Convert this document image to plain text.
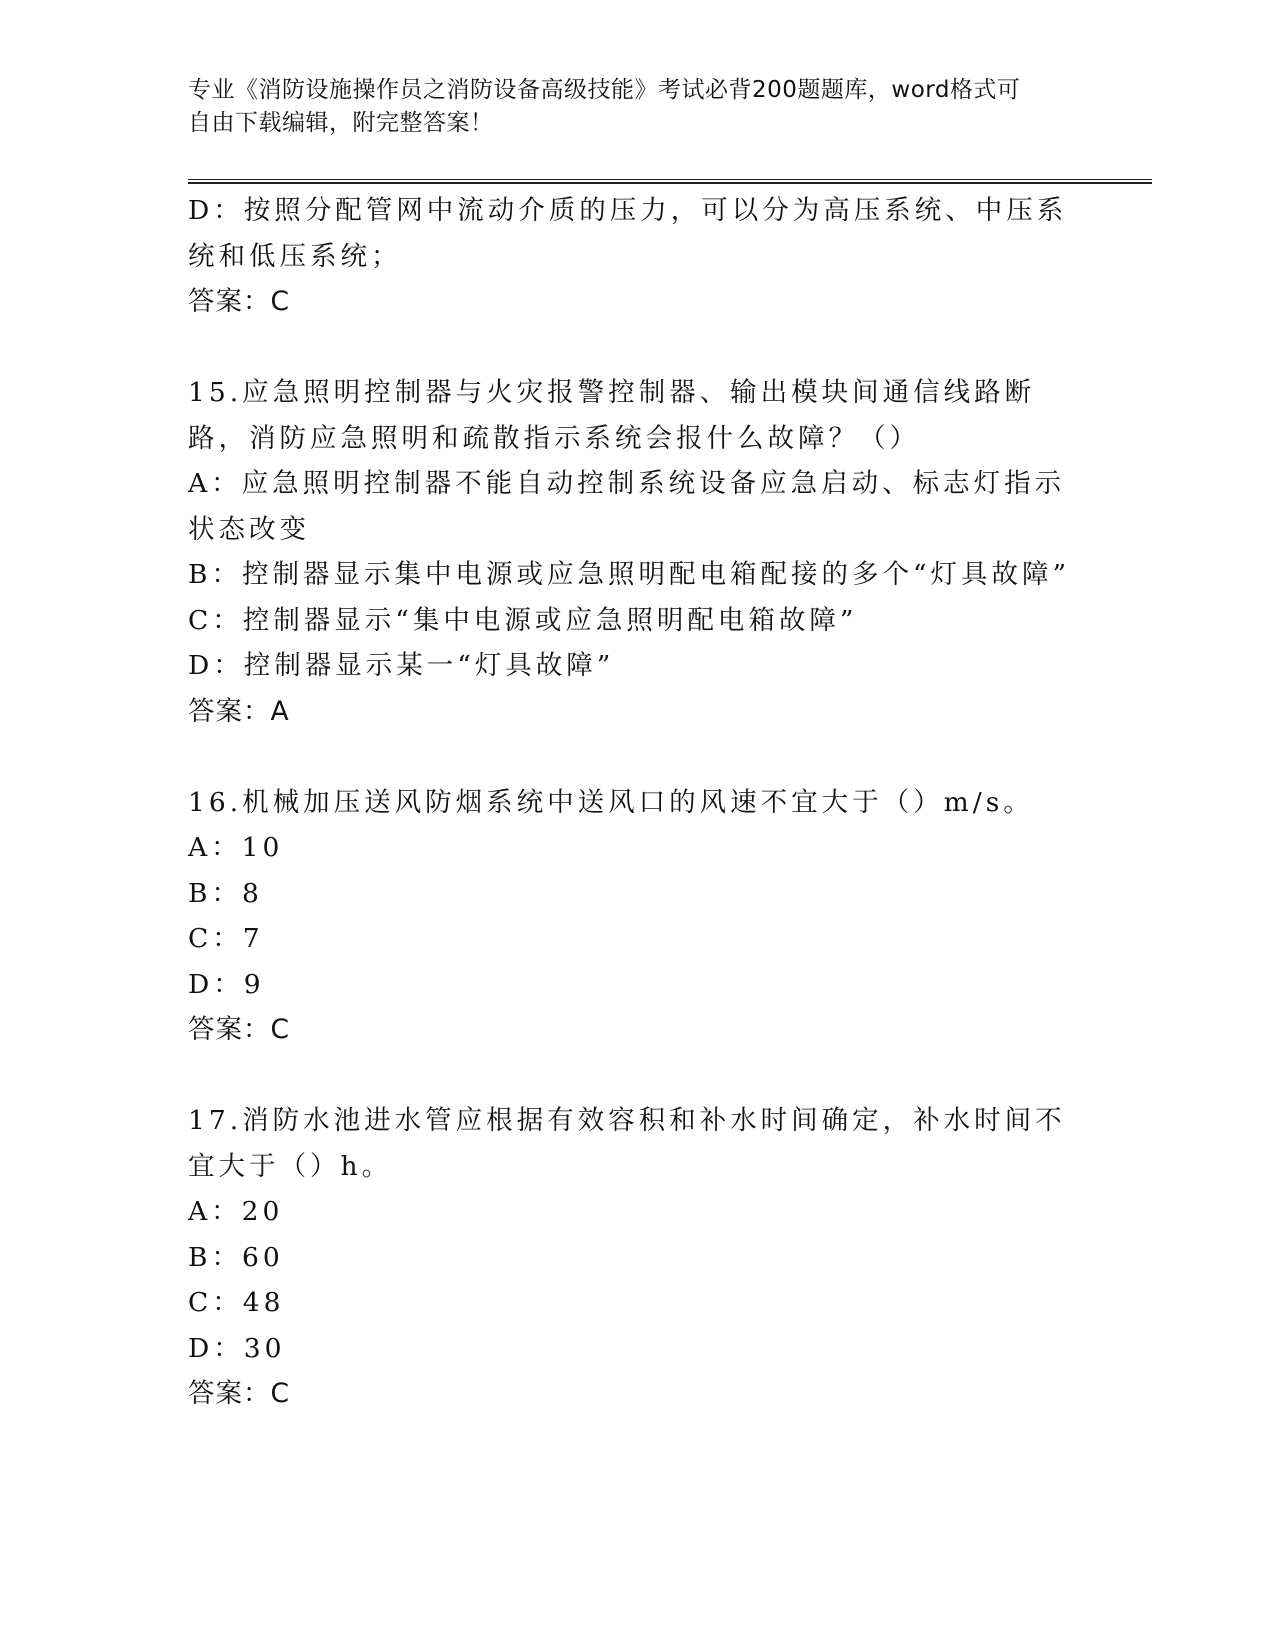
专业《消防设施操作员之消防设备高级技能》考试必背200题题库，word格式可
自由下载编辑，附完整答案！
D：按照分配管网中流动介质的压力，可以分为高压系统、中压系统和低压系统；
答案：C
15.应急照明控制器与火灾报警控制器、输出模块间通信线路断路，消防应急照明和疏散指示系统会报什么故障？（）
A：应急照明控制器不能自动控制系统设备应急启动、标志灯指示状态改变
B：控制器显示集中电源或应急照明配电箱配接的多个“灯具故障”
C：控制器显示“集中电源或应急照明配电箱故障”
D：控制器显示某一“灯具故障”
答案：A
16.机械加压送风防烟系统中送风口的风速不宜大于（）m/s。
A：10
B：8
C：7
D：9
答案：C
17.消防水池进水管应根据有效容积和补水时间确定，补水时间不宜大于（）h。
A：20
B：60
C：48
D：30
答案：C
